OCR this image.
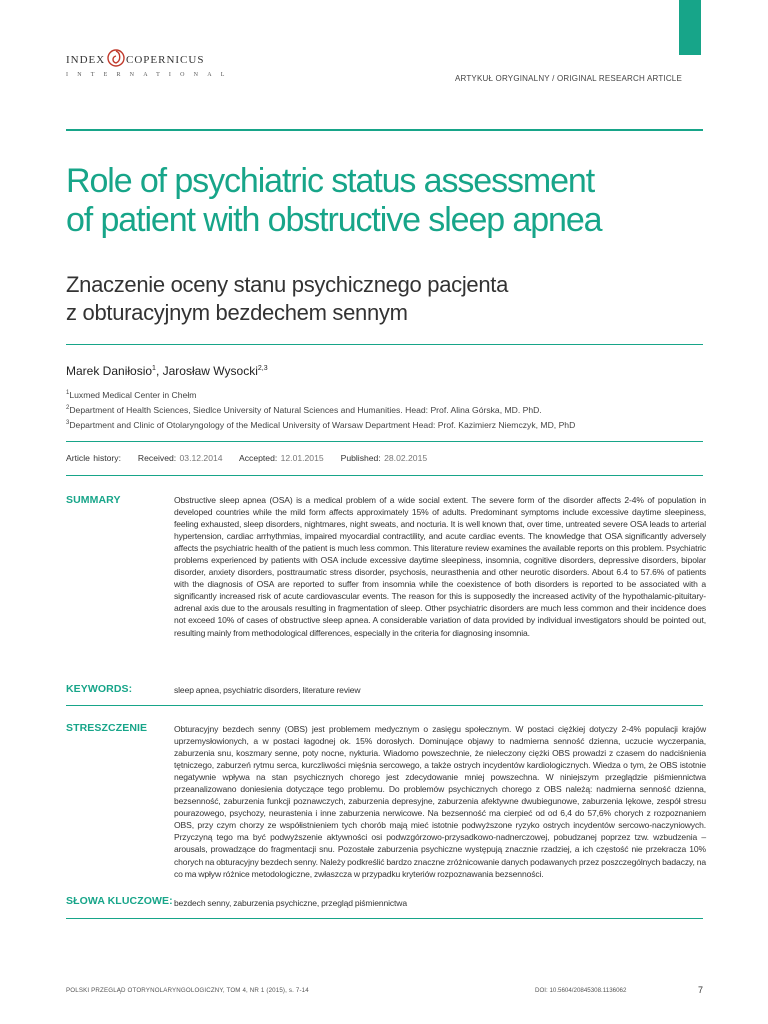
INDEX COPERNICUS
INTERNATIONAL	ARTYKUŁ ORYGINALNY / ORIGINAL RESEARCH ARTICLE
Role of psychiatric status assessment
of patient with obstructive sleep apnea
Znaczenie oceny stanu psychicznego pacjenta
z obturacyjnym bezdechem sennym
Marek Daniłosio$^1$, Jarosław Wysocki$^{2,3}$
$^1$Luxmed Medical Center in Chełm
$^2$Department of Health Sciences, Siedlce University of Natural Sciences and Humanities. Head: Prof. Alina Górska, MD. PhD.
$^3$Department and Clinic of Otolaryngology of the Medical University of Warsaw Department Head: Prof. Kazimierz Niemczyk, MD, PhD
Article history: Received: 03.12.2014 Accepted: 12.01.2015 Published: 28.02.2015
SUMMARY	Obstructive sleep apnea (OSA) is a medical problem of a wide social extent. The severe form of the disorder affects 2-4% of population in developed countries while the mild form affects approximately 15% of adults. Predominant symptoms include excessive daytime sleepiness, feeling exhausted, sleep disorders, nightmares, night sweats, and nocturia. It is well known that, over time, untreated severe OSA leads to arterial hypertension, cardiac arrhythmias, impaired myocardial contractility, and acute cardiac events. The knowledge that OSA significantly adversely affects the psychiatric health of the patient is much less common. This literature review examines the available reports on this problem. Psychiatric problems experienced by patients with OSA include excessive daytime sleepiness, insomnia, cognitive disorders, depressive disorders, bipolar disorder, anxiety disorders, posttraumatic stress disorder, psychosis, neurasthenia and other neurotic disorders. About 6.4 to 57.6% of patients with the diagnosis of OSA are reported to suffer from insomnia while the coexistence of both disorders is reported to be associated with a significantly increased risk of acute cardiovascular events. The reason for this is supposedly the increased activity of the hypothalamic-pituitary-adrenal axis due to the arousals resulting in fragmentation of sleep. Other psychiatric disorders are much less common and their incidence does not exceed 10% of cases of obstructive sleep apnea. A considerable variation of data provided by individual investigators should be pointed out, resulting mainly from methodological differences, especially in the criteria for diagnosing insomnia.
KEYWORDS:	sleep apnea, psychiatric disorders, literature review
STRESZCZENIE	Obturacyjny bezdech senny (OBS) jest problemem medycznym o zasięgu społecznym. W postaci ciężkiej dotyczy 2-4% populacji krajów uprzemysłowionych, a w postaci łagodnej ok. 15% dorosłych. Dominujące objawy to nadmierna senność dzienna, uczucie wyczerpania, zaburzenia snu, koszmary senne, poty nocne, nykturia. Wiadomo powszechnie, że nieleczony ciężki OBS prowadzi z czasem do nadciśnienia tętniczego, zaburzeń rytmu serca, kurczliwości mięśnia sercowego, a także ostrych incydentów kardiologicznych. Wiedza o tym, że OBS istotnie negatywnie wpływa na stan psychicznych chorego jest zdecydowanie mniej powszechna. W niniejszym przeglądzie piśmiennictwa przeanalizowano doniesienia dotyczące tego problemu. Do problemów psychicznych chorego z OBS należą: nadmierna senność dzienna, bezsenność, zaburzenia funkcji poznawczych, zaburzenia depresyjne, zaburzenia afektywne dwubiegunowe, zaburzenia lękowe, zespół stresu pourazowego, psychozy, neurastenia i inne zaburzenia nerwicowe. Na bezsenność ma cierpieć od od 6,4 do 57,6% chorych z rozpoznaniem OBS, przy czym chorzy ze współistnieniem tych chorób mają mieć istotnie podwyższone ryzyko ostrych incydentów sercowo-naczyniowych. Przyczyną tego ma być podwyższenie aktywności osi podwzgórzowo-przysadkowo-nadnerczowej, pobudzanej poprzez tzw. wzbudzenia – arousals, prowadzące do fragmentacji snu. Pozostałe zaburzenia psychiczne występują znacznie rzadziej, a ich częstość nie przekracza 10% chorych na obturacyjny bezdech senny. Należy podkreślić bardzo znaczne zróżnicowanie danych podawanych przez poszczególnych badaczy, na co ma wpływ różnice metodologiczne, zwłaszcza w przypadku kryteriów rozpoznawania bezsenności.
SŁOWA KLUCZOWE: bezdech senny, zaburzenia psychiczne, przegląd piśmiennictwa
POLSKI PRZEGLĄD OTORYNOLARYNGOLOGICZNY, TOM 4, NR 1 (2015), s. 7-14	DOI: 10.5604/20845308.1136062	7
